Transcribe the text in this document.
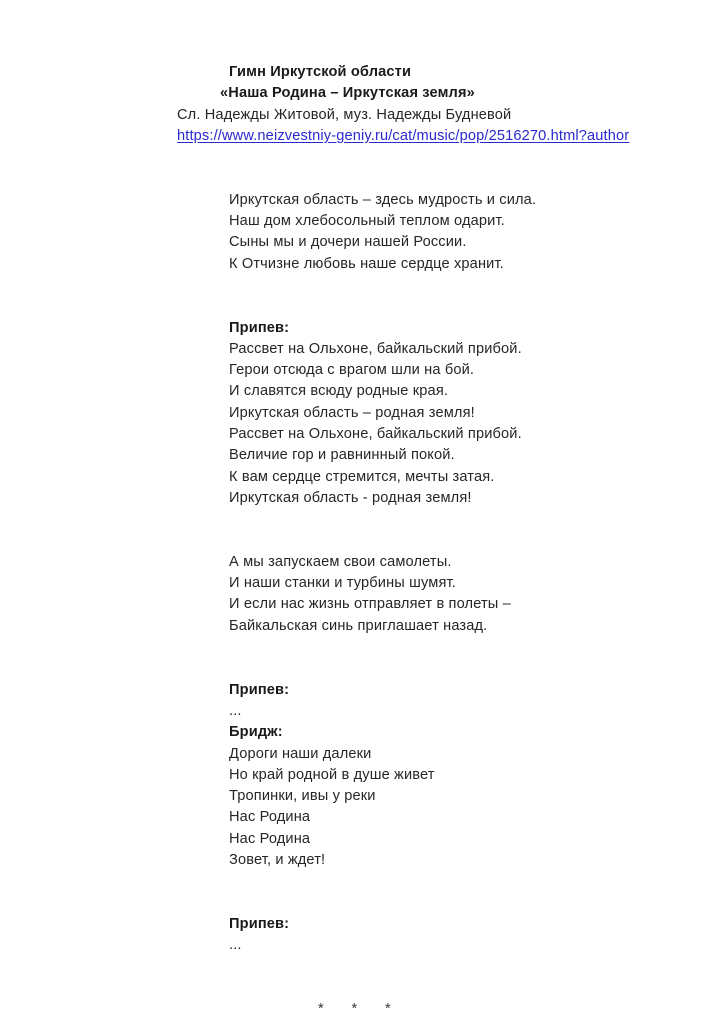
Гимн Иркутской области
«Наша Родина – Иркутская земля»
Сл. Надежды Житовой, муз. Надежды Будневой
https://www.neizvestniy-geniy.ru/cat/music/pop/2516270.html?author

Иркутская область – здесь мудрость и сила.
Наш дом хлебосольный теплом одарит.
Сыны мы и дочери нашей России.
К Отчизне любовь наше сердце хранит.

Припев:
Рассвет на Ольхоне, байкальский прибой.
Герои отсюда с врагом шли на бой.
И славятся всюду родные края.
Иркутская область – родная земля!
Рассвет на Ольхоне, байкальский прибой.
Величие гор и равнинный покой.
К вам сердце стремится, мечты затая.
Иркутская область - родная земля!

А мы запускаем свои самолеты.
И наши станки и турбины шумят.
И если нас жизнь отправляет в полеты –
Байкальская синь приглашает назад.

Припев:
...
Бридж:
Дороги наши далеки
Но край родной в душе живет
Тропинки, ивы у реки
Нас Родина
Нас Родина
Зовет, и ждет!

Припев:
...
*  *  *
